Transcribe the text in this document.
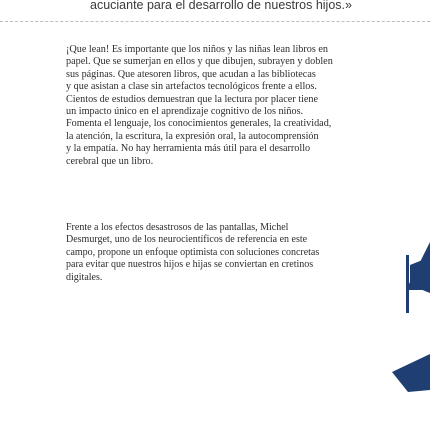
acuciante para el desarrollo de nuestros hijos.»
¡Que lean! Es importante que los niños y las niñas lean libros en
papel. Que se sumerjan en ellos y que dibujen, subrayen y doblen
sus páginas. Que atesoren libros, que acudan a las bibliotecas
y que asistan a clase sin artefactos tecnológicos frente a ellos.
Cientos de estudios demuestran que la lectura por placer tiene
un impacto único en el aprendizaje cognitivo de los niños.
Fomenta el lenguaje, los conocimientos generales, la creatividad,
la atención, la escritura, la expresión oral, la autocomprensión
y la empatía. No hay herramienta más útil para el desarrollo
cerebral que un libro.
Frente a los efectos desastrosos de las pantallas, Michel
Desmurget, uno de los neurocientíficos de referencia en este
campo, propone un enfoque optimista con soluciones concretas
para evitar que nuestros hijos e hijas se conviertan en cretinos
digitales.
